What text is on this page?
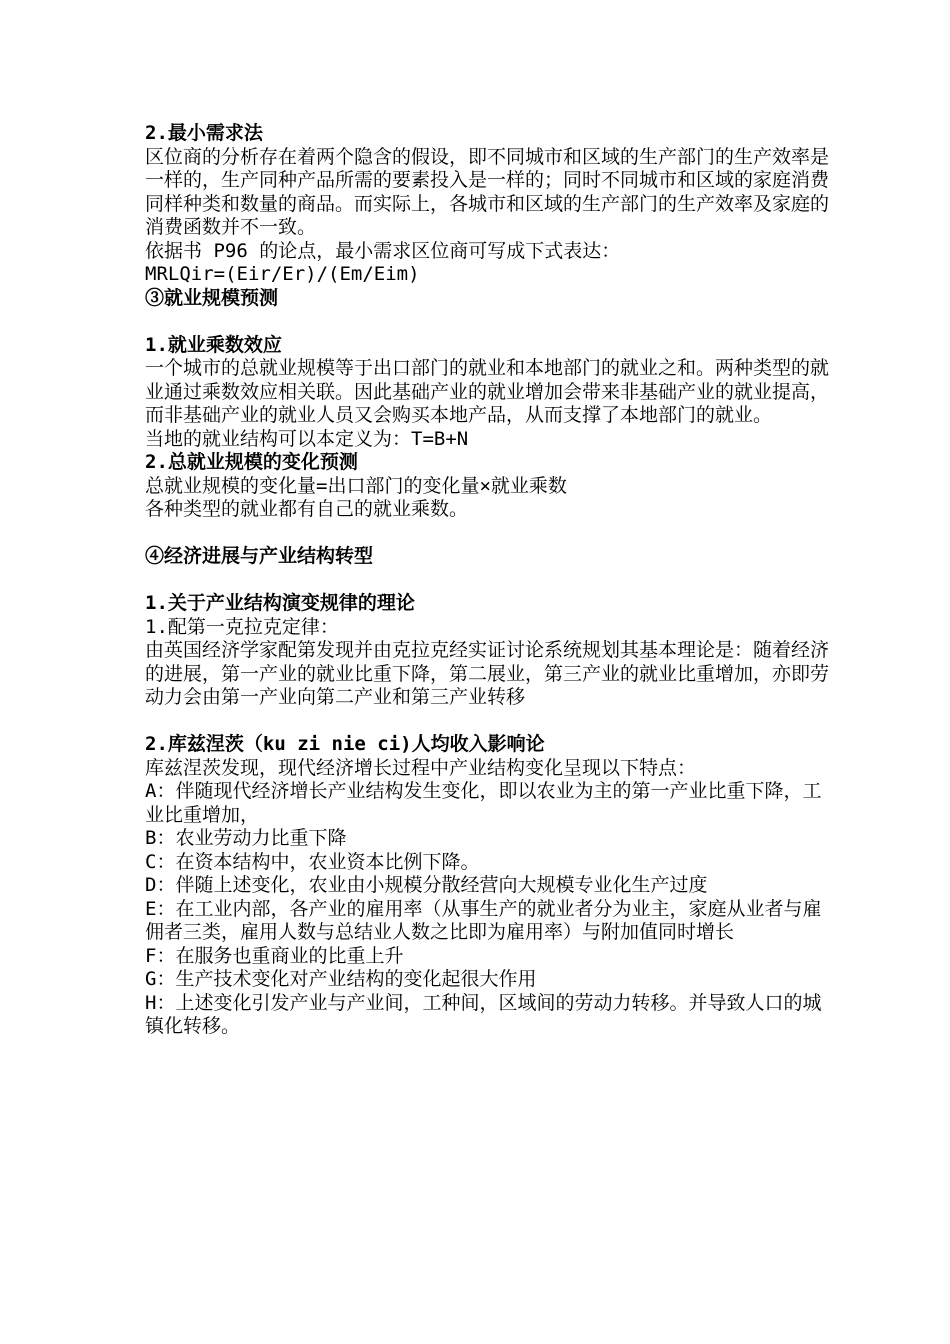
2.最小需求法

区位商的分析存在着两个隐含的假设，即不同城市和区域的生产部门的生产效率是一样的，生产同种产品所需的要素投入是一样的；同时不同城市和区域的家庭消费同样种类和数量的商品。而实际上，各城市和区域的生产部门的生产效率及家庭的消费函数并不一致。

依据书 P96 的论点，最小需求区位商可写成下式表达：

MRLQir=(Eir/Er)/(Em/Eim)

③就业规模预测

1.就业乘数效应

一个城市的总就业规模等于出口部门的就业和本地部门的就业之和。两种类型的就业通过乘数效应相关联。因此基础产业的就业增加会带来非基础产业的就业提高，而非基础产业的就业人员又会购买本地产品，从而支撑了本地部门的就业。

当地的就业结构可以本定义为：T=B+N

2.总就业规模的变化预测

总就业规模的变化量=出口部门的变化量×就业乘数

各种类型的就业都有自己的就业乘数。

④经济进展与产业结构转型

1.关于产业结构演变规律的理论

1.配第一克拉克定律：

由英国经济学家配第发现并由克拉克经实证讨论系统规划其基本理论是：随着经济的进展，第一产业的就业比重下降，第二展业，第三产业的就业比重增加，亦即劳动力会由第一产业向第二产业和第三产业转移

2.库兹涅茨（ku zi nie ci)人均收入影响论

库兹涅茨发现，现代经济增长过程中产业结构变化呈现以下特点：

A：伴随现代经济增长产业结构发生变化，即以农业为主的第一产业比重下降，工业比重增加，

B：农业劳动力比重下降

C：在资本结构中，农业资本比例下降。

D：伴随上述变化，农业由小规模分散经营向大规模专业化生产过度

E：在工业内部，各产业的雇用率（从事生产的就业者分为业主，家庭从业者与雇佣者三类，雇用人数与总结业人数之比即为雇用率）与附加值同时增长

F：在服务也重商业的比重上升

G：生产技术变化对产业结构的变化起很大作用

H：上述变化引发产业与产业间，工种间，区域间的劳动力转移。并导致人口的城镇化转移。
